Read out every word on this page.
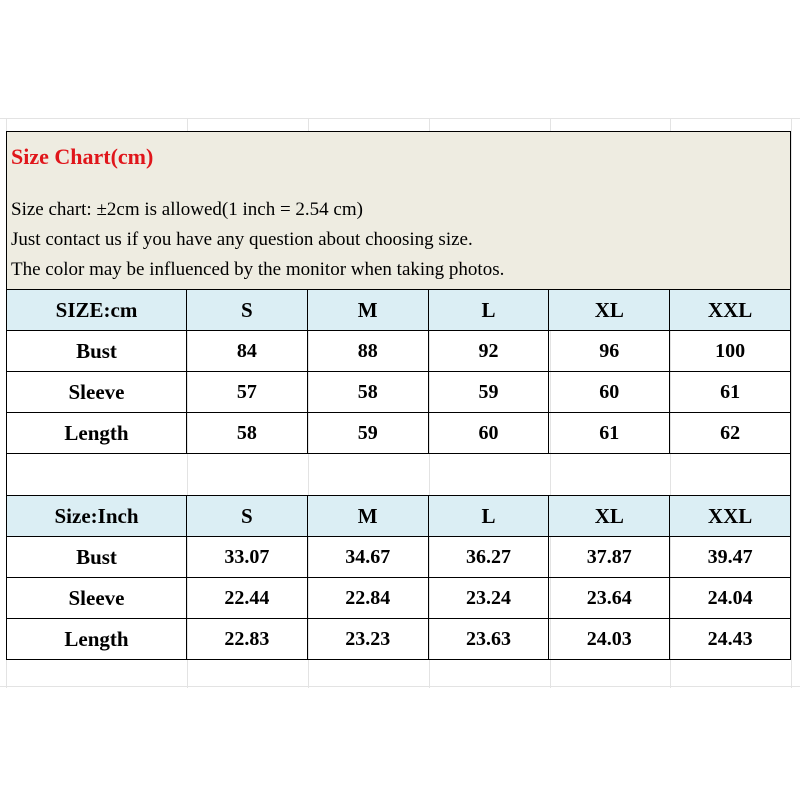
Size Chart(cm)
Size chart: ±2cm is allowed(1 inch = 2.54 cm)
Just contact us if you have any question about choosing size.
The color may be influenced by the monitor when taking photos.
SIZE:cm	S	M	L	XL	XXL
Bust	84	88	92	96	100
Sleeve	57	58	59	60	61
Length	58	59	60	61	62
Size:Inch	S	M	L	XL	XXL
Bust	33.07	34.67	36.27	37.87	39.47
Sleeve	22.44	22.84	23.24	23.64	24.04
Length	22.83	23.23	23.63	24.03	24.43
